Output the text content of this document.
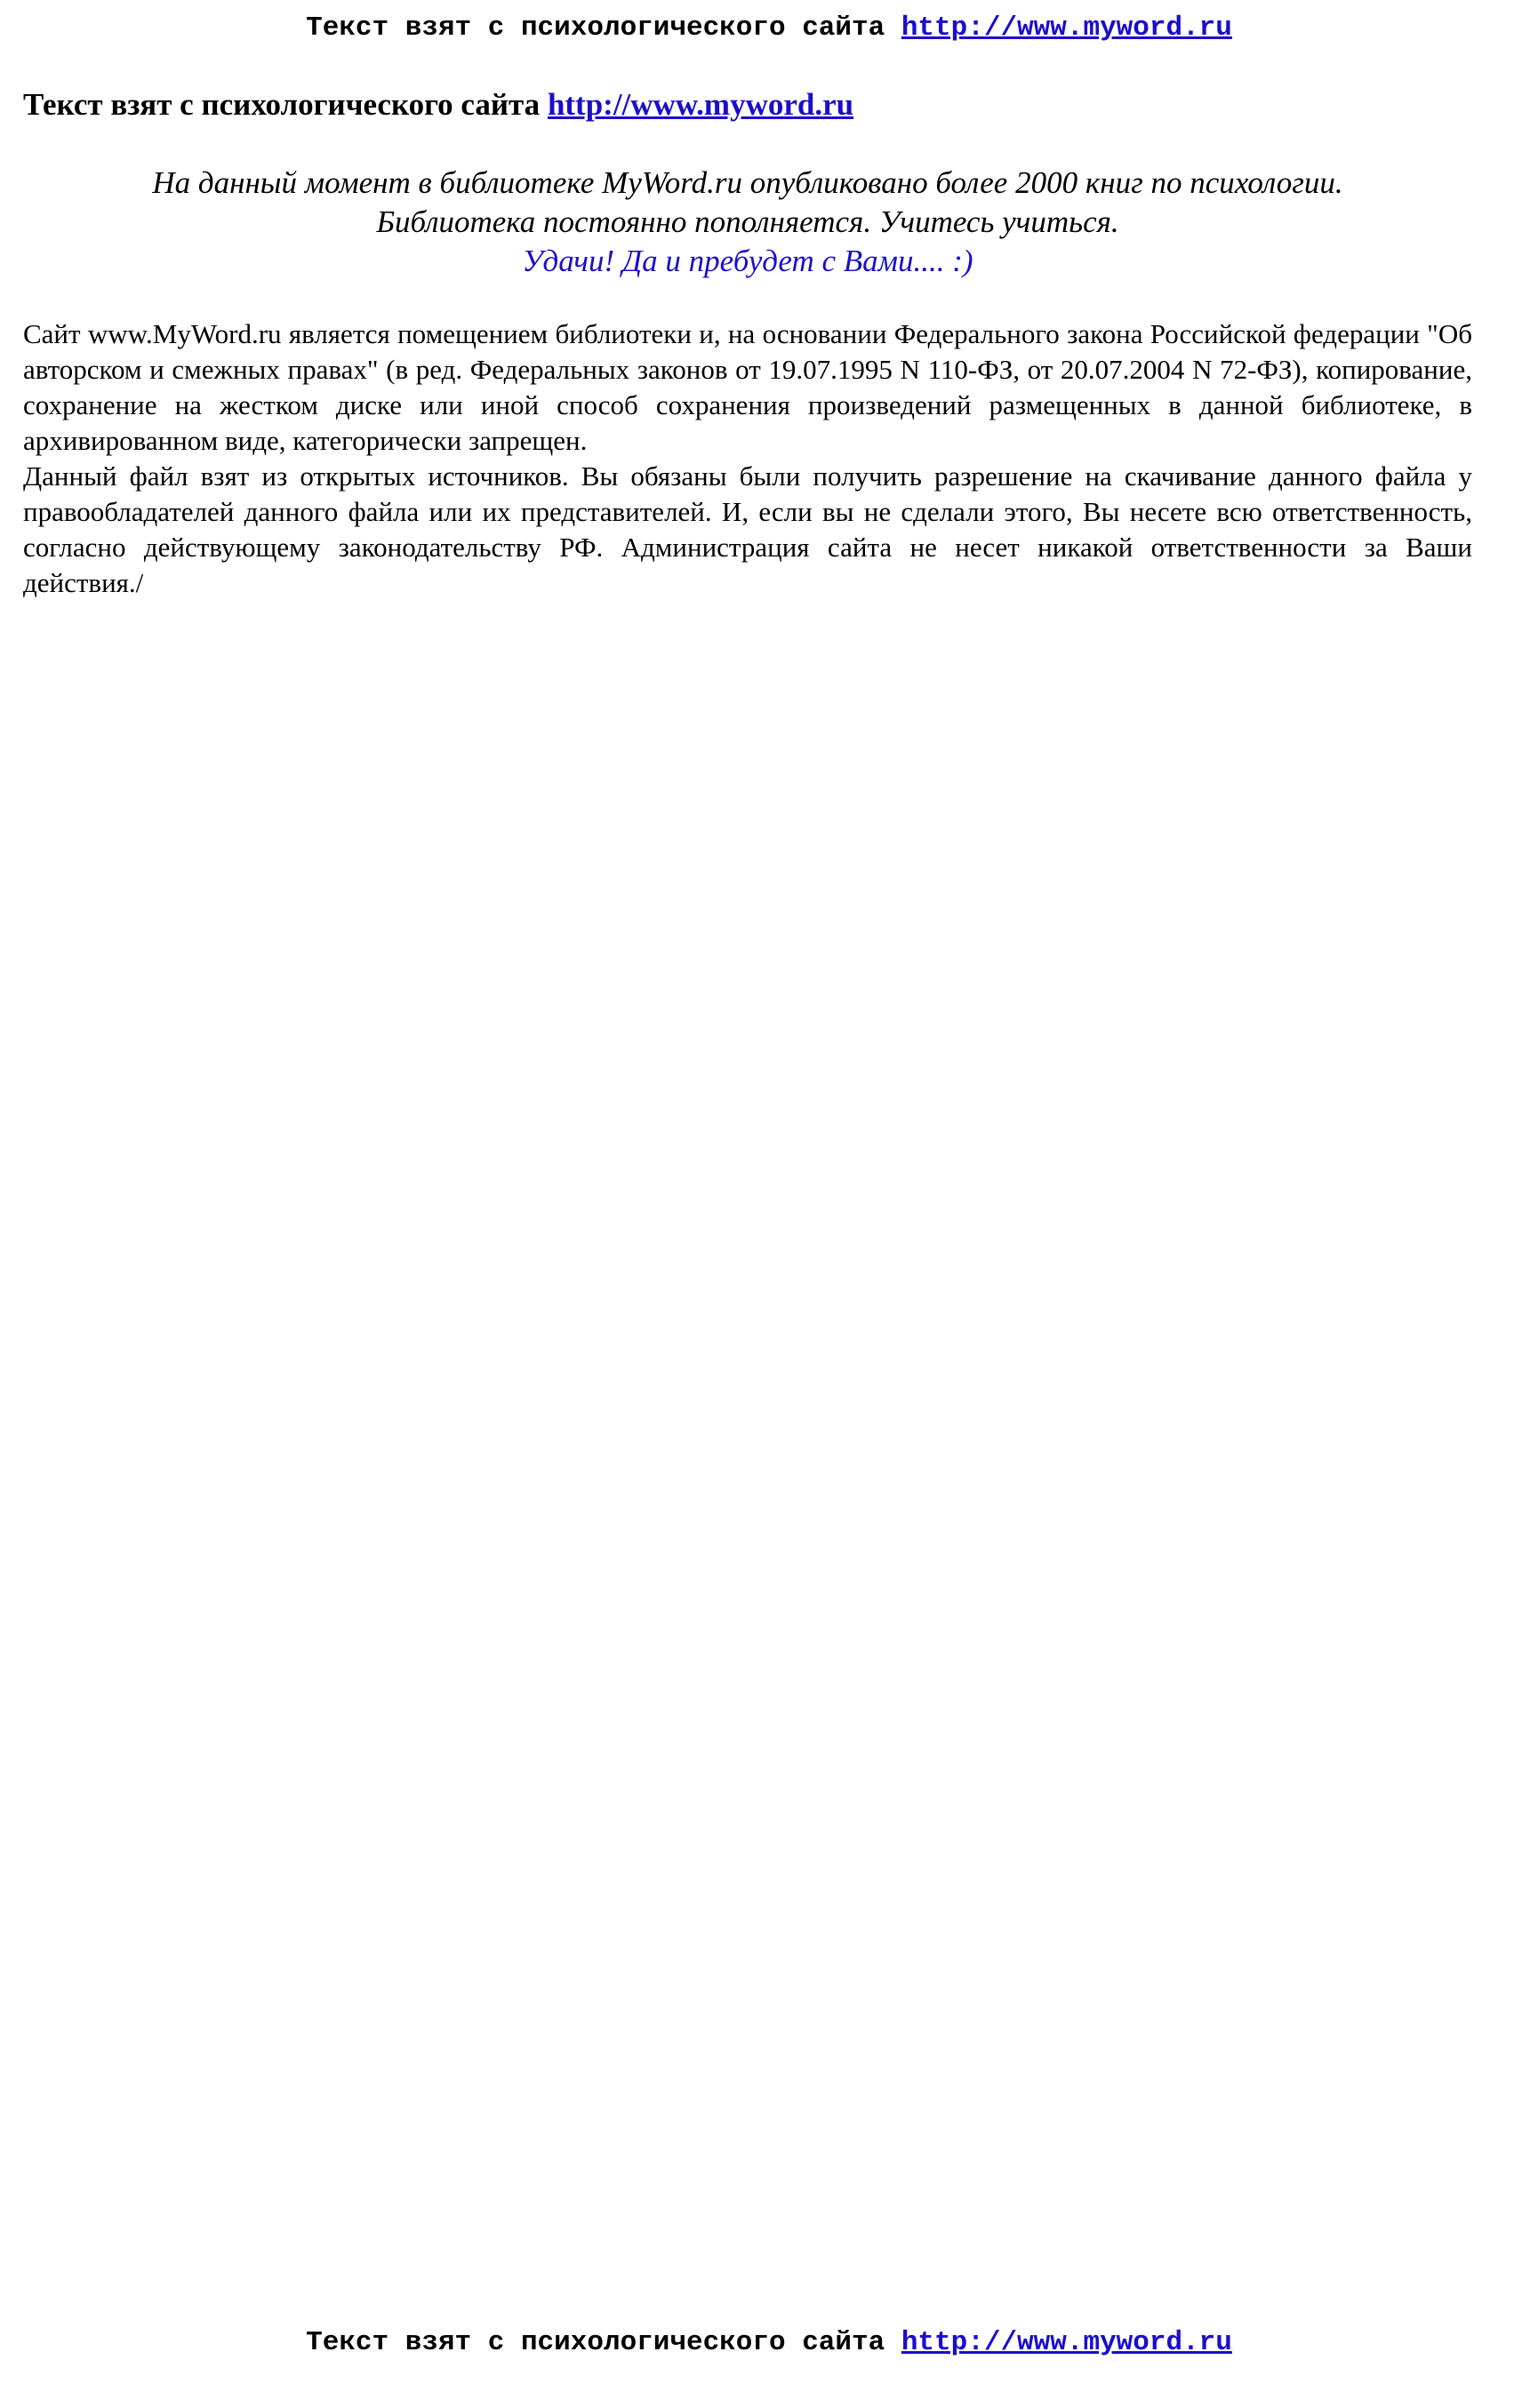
Текст взят с психологического сайта http://www.myword.ru
Текст взят с психологического сайта http://www.myword.ru

На данный момент в библиотеке MyWord.ru опубликовано более 2000 книг по психологии.

Библиотека постоянно пополняется. Учитесь учиться.

Удачи! Да и пребудет с Вами.... :)

Сайт www.MyWord.ru является помещением библиотеки и, на основании Федерального закона Российской федерации "Об авторском и смежных правах" (в ред. Федеральных законов от 19.07.1995 N 110-ФЗ, от 20.07.2004 N 72-ФЗ), копирование, сохранение на жестком диске или иной способ сохранения произведений размещенных в данной библиотеке, в архивированном виде, категорически запрещен.

Данный файл взят из открытых источников. Вы обязаны были получить разрешение на скачивание данного файла у правообладателей данного файла или их представителей. И, если вы не сделали этого, Вы несете всю ответственность, согласно действующему законодательству РФ. Администрация сайта не несет никакой ответственности за Ваши действия./

Текст взят с психологического сайта http://www.myword.ru
